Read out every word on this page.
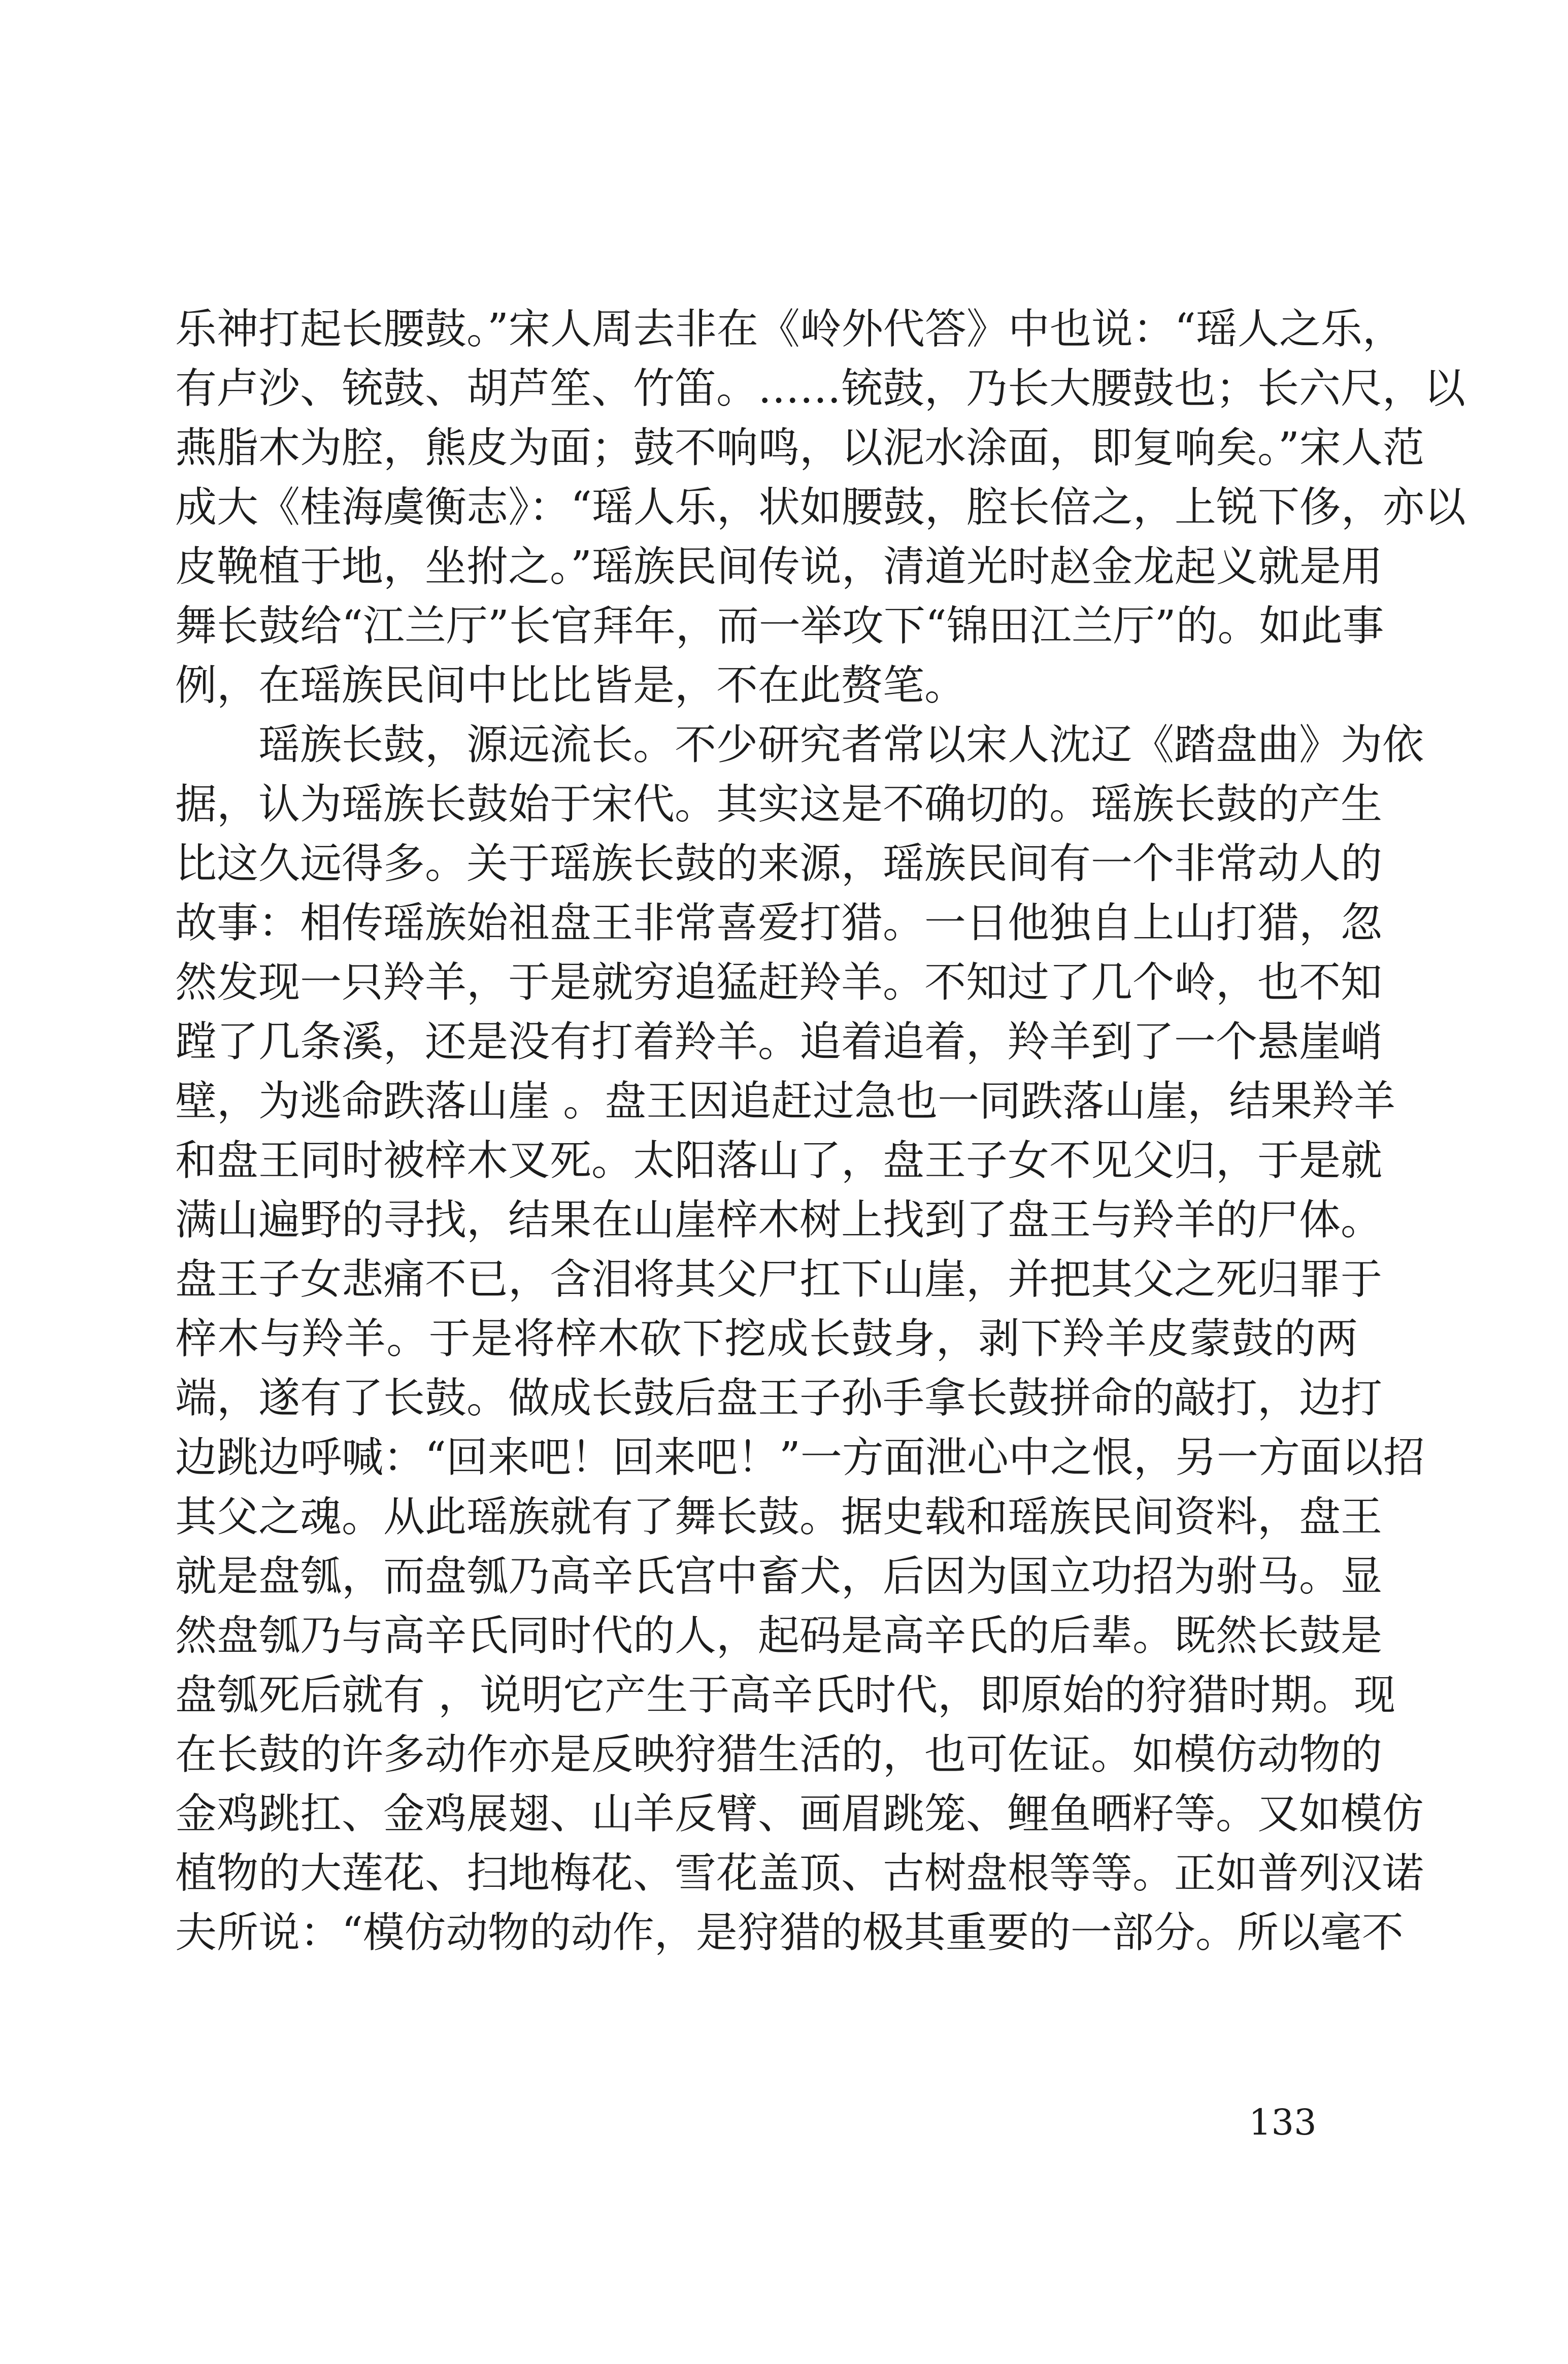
乐神打起长腰鼓。”宋人周去非在《岭外代答》中也说：“瑶人之乐，
有卢沙、铳鼓、胡芦笙、竹笛。……铳鼓，乃长大腰鼓也；长六尺，以
燕脂木为腔，熊皮为面；鼓不响鸣，以泥水涂面，即复响矣。”宋人范
成大《桂海虞衡志》：“瑶人乐，状如腰鼓，腔长倍之，上锐下侈，亦以
皮鞔植于地，坐拊之。”瑶族民间传说，清道光时赵金龙起义就是用
舞长鼓给“江兰厅”长官拜年，而一举攻下“锦田江兰厅”的。如此事
例，在瑶族民间中比比皆是，不在此赘笔。
瑶族长鼓，源远流长。不少研究者常以宋人沈辽《踏盘曲》为依
据，认为瑶族长鼓始于宋代。其实这是不确切的。瑶族长鼓的产生
比这久远得多。关于瑶族长鼓的来源，瑶族民间有一个非常动人的
故事：相传瑶族始祖盘王非常喜爱打猎。一日他独自上山打猎，忽
然发现一只羚羊，于是就穷追猛赶羚羊。不知过了几个岭，也不知
蹚了几条溪，还是没有打着羚羊。追着追着，羚羊到了一个悬崖峭
壁，为逃命跌落山崖 。盘王因追赶过急也一同跌落山崖，结果羚羊
和盘王同时被梓木叉死。太阳落山了，盘王子女不见父归，于是就
满山遍野的寻找，结果在山崖梓木树上找到了盘王与羚羊的尸体。
盘王子女悲痛不已，含泪将其父尸扛下山崖，并把其父之死归罪于
梓木与羚羊。于是将梓木砍下挖成长鼓身，剥下羚羊皮蒙鼓的两
端，遂有了长鼓。做成长鼓后盘王子孙手拿长鼓拼命的敲打，边打
边跳边呼喊：“回来吧！回来吧！”一方面泄心中之恨，另一方面以招
其父之魂。从此瑶族就有了舞长鼓。据史载和瑶族民间资料，盘王
就是盘瓠，而盘瓠乃高辛氏宫中畜犬，后因为国立功招为驸马。显
然盘瓠乃与高辛氏同时代的人，起码是高辛氏的后辈。既然长鼓是
盘瓠死后就有 ，说明它产生于高辛氏时代，即原始的狩猎时期。现
在长鼓的许多动作亦是反映狩猎生活的，也可佐证。如模仿动物的
金鸡跳扛、金鸡展翅、山羊反臂、画眉跳笼、鲤鱼晒籽等。又如模仿
植物的大莲花、扫地梅花、雪花盖顶、古树盘根等等。正如普列汉诺
夫所说：“模仿动物的动作，是狩猎的极其重要的一部分。所以毫不
133
